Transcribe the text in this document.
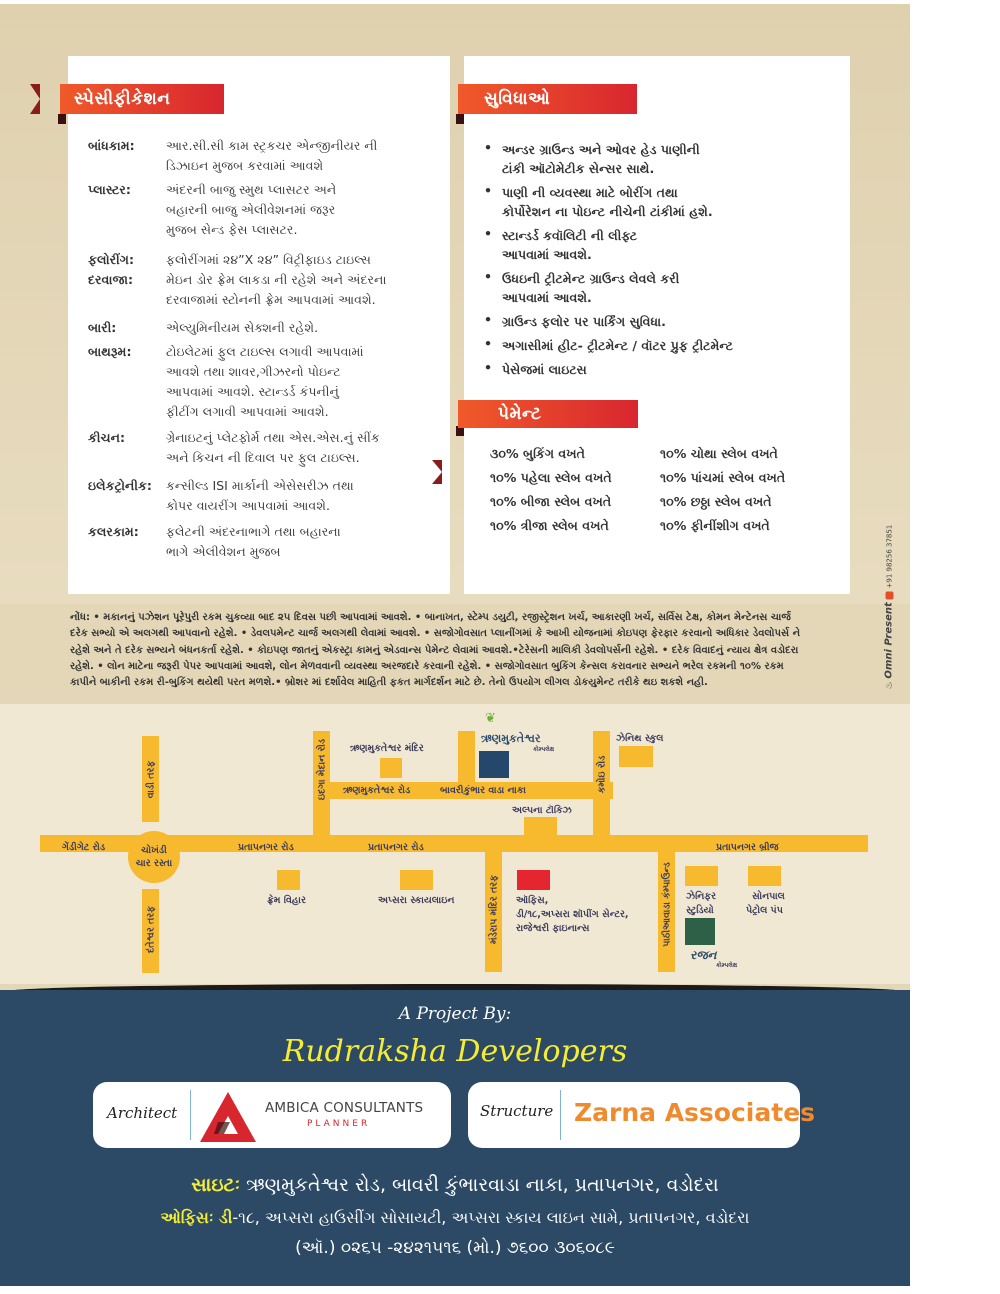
સ્પેસીફીકેશન
બાંધકામ:	આર.સી.સી કામ સ્ટ્રકચર એન્જીનીયર ની
ડિઝાઇન મુજબ કરવામાં આવશે
પ્લાસ્ટર:	અંદરની બાજુ સ્મુથ પ્લાસટર અને
બહારની બાજુ એલીવેશનમાં જરૂર
મુજબ સેન્ડ ફેસ પ્લાસટર.
ફલોરીંગ:	ફલોરીંગમાં ૨૪”X ૨૪” વિટ્રીફાઇડ ટાઇલ્સ
દરવાજા:	મેઇન ડોર ફ્રેમ લાકડા ની રહેશે અને અંદરના
દરવાજામાં સ્ટોનની ફ્રેમ આપવામાં આવશે.
બારી:	એલ્યુમિનીયમ સેક્શની રહેશે.
બાથરૂમ:	ટોઇલેટમાં ફુલ ટાઇલ્સ લગાવી આપવામાં
આવશે તથા શાવર,ગીઝરનો પોઇન્ટ
આપવામાં આવશે. સ્ટાન્ડર્ડ કંપનીનું
ફીટીંગ લગાવી આપવામાં આવશે.
કીચન:	ગ્રેનાઇટનું પ્લેટફોર્મ તથા એસ.એસ.નું સીંક
અને કિચન ની દિવાલ પર ફુલ ટાઇલ્સ.
ઇલેકટ્રોનીક:	કન્સીલ્ડ ISI માર્કાની એસેસરીઝ તથા
કોપર વાયરીંગ આપવામાં આવશે.
કલરકામ:	ફલેટની અંદરનાભાગે તથા બહારના
ભાગે એલીવેશન મુજબ
સુવિધાઓ
• અન્ડર ગ્રાઉન્ડ અને ઓવર હેડ પાણીની
ટાંકી ઑટોમેટીક સેન્સર સાથે.
• પાણી ની વ્યવસ્થા માટે બોરીંગ તથા
કોર્પોરેશન ના પોઇન્ટ નીચેની ટાંકીમાં હશે.
• સ્ટાન્ડર્ડ કવૉલિટી ની લીફ્ટ
આપવામાં આવશે.
• ઉધઇની ટ્રીટમેન્ટ ગ્રાઉન્ડ લેવલે કરી
આપવામાં આવશે.
• ગ્રાઉન્ડ ફલોર પર પાર્કિંગ સુવિધા.
• અગાસીમાં હીટ- ટ્રીટમેન્ટ / વૉટર પ્રુફ ટ્રીટમેન્ટ
• પેસેજમાં લાઇટસ
પેમેન્ટ
૩૦% બુકિંગ વખતે	૧૦% ચોથા સ્લેબ વખતે
૧૦% પહેલા સ્લેબ વખતે	૧૦% પાંચમાં સ્લેબ વખતે
૧૦% બીજા સ્લેબ વખતે	૧૦% છઠ્ઠા સ્લેબ વખતે
૧૦% ત્રીજા સ્લેબ વખતે	૧૦% ફીનીંશીગ વખતે
નોંધ: • મકાનનું પઝેશન પૂરેપુરી રકમ ચુકવ્યા બાદ ૨૫ દિવસ પછી આપવામાં આવશે. • બાનાખત, સ્ટેમ્પ ડયુટી, રજીસ્ટ્રેશન ખર્ચ, આકારણી ખર્ચ, સર્વિસ ટેક્ષ, કોમન મેન્ટેનસ ચાર્જ
દરેક સભ્યો એ અલગથી આપવાનો રહેશે. • ડેવલપમેન્ટ ચાર્જ અલગથી લેવામાં આવશે. • સજોગોવસાત પ્લાનીંગમાં કે આખી યોજનામાં કોઇપણ ફેરફાર કરવાનો અધિકાર ડેવલોપર્સ ને
રહેશે અને તે દરેક સભ્યને બંધનકર્તા રહેશે. • કોઇપણ જાતનું એકસ્ટ્રા કામનું એડવાન્સ પેમેન્ટ લેવામાં આવશે.•ટેરેસની માલિકી ડેવલોપર્સની રહેશે. • દરેક વિવાદનું ન્યાય ક્ષેત્ર વડોદરા
રહેશે. • લોન માટેના જરૂરી પેપર આપવામાં આવશે, લોન મેળવવાની વ્યવસ્થા અરજદારે કરવાની રહેશે. • સજોગોવસાત બુકિંગ કેન્સલ કરાવનાર સભ્યને ભરેલ રકમની ૧૦% રકમ
કાપીને બાકીની રકમ રી-બુકિંગ થયેથી પરત મળશે.• બ્રોશર માં દર્શાવેલ માહિતી ફકત માર્ગદર્શન માટે છે. તેનો ઉપયોગ લીગલ ડોકયુમેન્ટ તરીકે થઇ શકશે નહી.	♨ Omni Present  +91 98256 37851
ચોખંડી
ચાર રસ્તા
ગેંડીગેટ રોડ	પ્રતાપનગર રોડ	પ્રતાપનગર રોડ	પ્રતાપનગર બ્રીજ
ઋણમુકતેશ્વર રોડ	બાવરીકુંભાર વાડા નાકા
વાડી તરફ
દંતેશ્વર તરફ
ઇદગા મેદાન રોડ	કમોઇ રોડ
મંડેરાપ મંદિર તરફ	પાઠીઆવાડા કંમ્પાઉન્ડ
ઋણમુકતેશ્વર મંદિર
❦
ઋણમુકતેશ્વર
કોમ્પલેક્ષ
ઝેનિથ સ્કુલ
અલ્પના ટૉકિઝ
ફ્રેમ વિહાર	અપ્સરા સ્કાયલાઇન	ઑફિસ,
ડી/૧૮,અપ્સરા શૉપીંગ સેન્ટર,
રાજેશ્વરી ફાઇનાન્સ
ઝેનિફર
સ્ટુડિયો
સોનપાલ
પેટ્રોલ પંપ
રજન
કોમ્પલેક્ષ
A Project By:
Rudraksha Developers
Architect	AMBICA CONSULTANTS
PLANNER
Structure Zarna Associates
સાઇટઃ ઋણમુકતેશ્વર રોડ, બાવરી કુંભારવાડા નાકા, પ્રતાપનગર, વડોદરા
ઓફિસઃ ડી-૧૮, અપ્સરા હાઉસીંગ સોસાયટી, અપ્સરા સ્કાય લાઇન સામે, પ્રતાપનગર, વડોદરા
(ઑ.) ૦૨૬૫ -૨૪૨૧૫૧૬ (મો.) ૭૬૦૦ ૩૦૬૦૮૯
